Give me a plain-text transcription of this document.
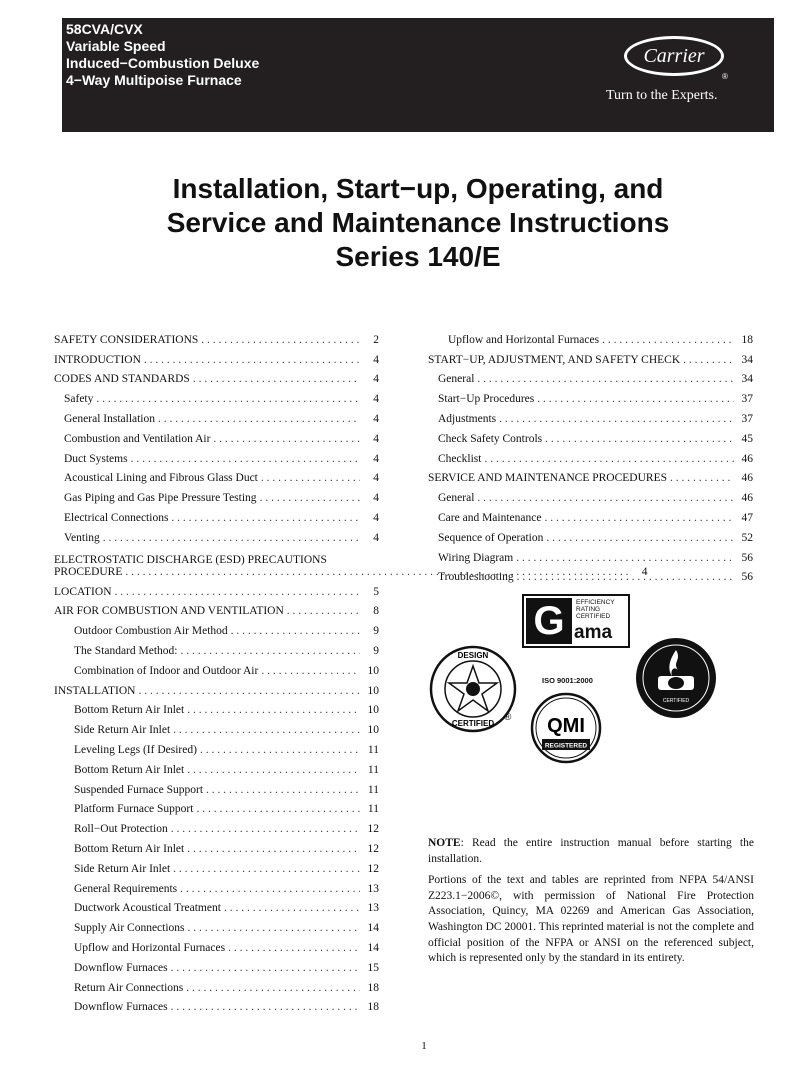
58CVA/CVX
Variable Speed
Induced−Combustion Deluxe
4−Way Multipoise Furnace
Carrier
®
Turn to the Experts.
Installation, Start−up, Operating, and
Service and Maintenance Instructions
Series 140/E
SAFETY CONSIDERATIONS . . .	2
INTRODUCTION . . .	4
CODES AND STANDARDS . . .	4
Safety . . .	4
General Installation . . .	4
Combustion and Ventilation Air . . .	4
Duct Systems . . .	4
Acoustical Lining and Fibrous Glass Duct . . .	4
Gas Piping and Gas Pipe Pressure Testing . . .	4
Electrical Connections . . .	4
Venting . . .	4
ELECTROSTATIC DISCHARGE (ESD) PRECAUTIONS
PROCEDURE . . .	4
LOCATION . . .	5
AIR FOR COMBUSTION AND VENTILATION . . .	8
Outdoor Combustion Air Method . . .	9
The Standard Method: . . .	9
Combination of Indoor and Outdoor Air . . .	10
INSTALLATION . . .	10
Bottom Return Air Inlet . . .	10
Side Return Air Inlet . . .	10
Leveling Legs (If Desired) . . .	11
Bottom Return Air Inlet . . .	11
Suspended Furnace Support . . .	11
Platform Furnace Support . . .	11
Roll−Out Protection . . .	12
Bottom Return Air Inlet . . .	12
Side Return Air Inlet . . .	12
General Requirements . . .	13
Ductwork Acoustical Treatment . . .	13
Supply Air Connections . . .	14
Upflow and Horizontal Furnaces . . .	14
Downflow Furnaces . . .	15
Return Air Connections . . .	18
Downflow Furnaces . . .	18
Upflow and Horizontal Furnaces . . .	18
START−UP, ADJUSTMENT, AND SAFETY CHECK . . .	34
General . . .	34
Start−Up Procedures . . .	37
Adjustments . . .	37
Check Safety Controls . . .	45
Checklist . . .	46
SERVICE AND MAINTENANCE PROCEDURES . . .	46
General . . .	46
Care and Maintenance . . .	47
Sequence of Operation . . .	52
Wiring Diagram . . .	56
Troubleshooting . . .	56
G	EFFICIENCY
RATING
CERTIFIED
ama
DESIGN
CERTIFIED
®
ISO 9001:2000
QMI
REGISTERED
CERTIFIED

NOTE: Read the entire instruction manual before starting the installation.

Portions of the text and tables are reprinted from NFPA 54/ANSI Z223.1−2006©, with permission of National Fire Protection Association, Quincy, MA 02269 and American Gas Association, Washington DC 20001. This reprinted material is not the complete and official position of the NFPA or ANSI on the referenced subject, which is represented only by the standard in its entirety.

1
